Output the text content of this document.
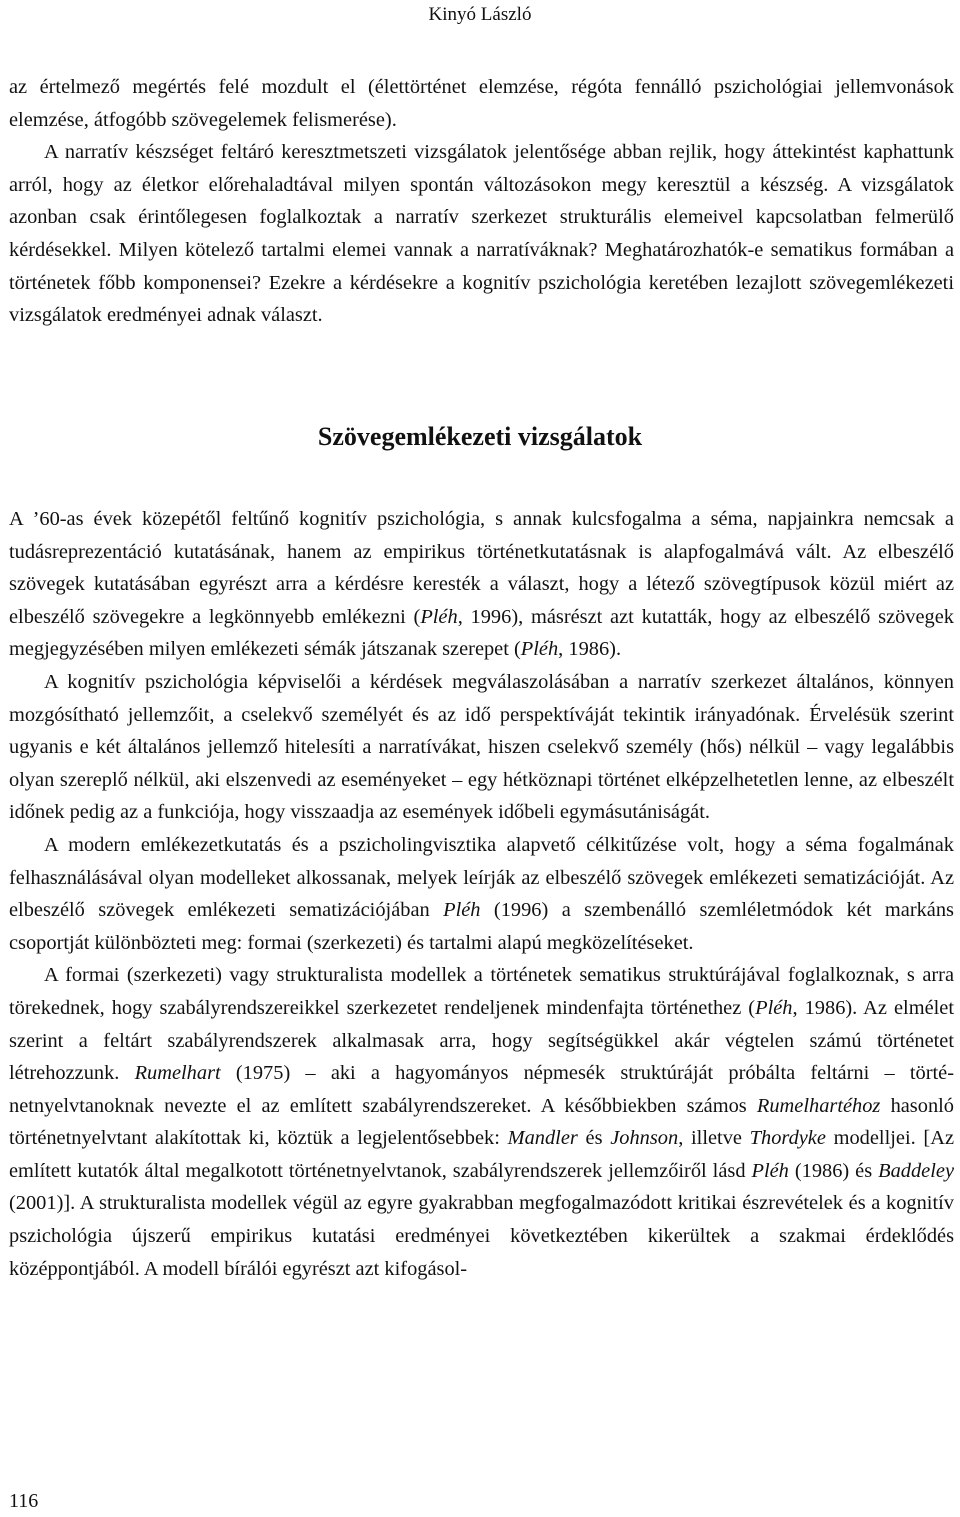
Kinyó László

az értelmező megértés felé mozdult el (élettörténet elemzése, régóta fennálló pszichológiai jellemvonások elemzése, átfogóbb szövegelemek felismerése).

A narratív készséget feltáró keresztmetszeti vizsgálatok jelentősége abban rejlik, hogy áttekintést kaphattunk arról, hogy az életkor előrehaladtával milyen spontán változásokon megy keresztül a készség. A vizsgálatok azonban csak érintőlegesen foglalkoztak a narratív szerkezet strukturális elemeivel kapcsolatban felmerülő kérdésekkel. Milyen kötelező tartalmi elemei vannak a narratíváknak? Meghatározhatók-e sematikus formában a történetek főbb komponensei? Ezekre a kérdésekre a kognitív pszichológia keretében lezajlott szövegemlékezeti vizsgálatok eredményei adnak választ.

Szövegemlékezeti vizsgálatok

A ’60-as évek közepétől feltűnő kognitív pszichológia, s annak kulcsfogalma a séma, napjainkra nemcsak a tudásreprezentáció kutatásának, hanem az empirikus történetkutatásnak is alapfogalmává vált. Az elbeszélő szövegek kutatásában egyrészt arra a kérdésre keresték a választ, hogy a létező szövegtípusok közül miért az elbeszélő szövegekre a legkönnyebb emlékezni (Pléh, 1996), másrészt azt kutatták, hogy az elbeszélő szövegek megjegyzésében milyen emlékezeti sémák játszanak szerepet (Pléh, 1986).

A kognitív pszichológia képviselői a kérdések megválaszolásában a narratív szerkezet általános, könnyen mozgósítható jellemzőit, a cselekvő személyét és az idő perspektíváját tekintik irányadónak. Érvelésük szerint ugyanis e két általános jellemző hitelesíti a narratívákat, hiszen cselekvő személy (hős) nélkül – vagy legalábbis olyan szereplő nélkül, aki elszenvedi az eseményeket – egy hétköznapi történet elképzelhetetlen lenne, az elbeszélt időnek pedig az a funkciója, hogy visszaadja az események időbeli egymásutániságát.

A modern emlékezetkutatás és a pszicholingvisztika alapvető célkitűzése volt, hogy a séma fogalmának felhasználásával olyan modelleket alkossanak, melyek leírják az elbeszélő szövegek emlékezeti sematizációját. Az elbeszélő szövegek emlékezeti sematizációjában Pléh (1996) a szembenálló szemléletmódok két markáns csoportját különbözteti meg: formai (szerkezeti) és tartalmi alapú megközelítéseket.

A formai (szerkezeti) vagy strukturalista modellek a történetek sematikus struktúrájával foglalkoznak, s arra törekednek, hogy szabályrendszereikkel szerkezetet rendeljenek mindenfajta történethez (Pléh, 1986). Az elmélet szerint a feltárt szabályrendszerek alkalmasak arra, hogy segítségükkel akár végtelen számú történetet létrehozzunk. Rumelhart (1975) – aki a hagyományos népmesék struktúráját próbálta feltárni – történetnyelvtanoknak nevezte el az említett szabályrendszereket. A későbbiekben számos Rumelhartéhoz hasonló történetnyelvtant alakítottak ki, köztük a legjelentősebbek: Mandler és Johnson, illetve Thordyke modelljei. [Az említett kutatók által megalkotott történetnyelvtanok, szabályrendszerek jellemzőiről lásd Pléh (1986) és Baddeley (2001)]. A strukturalista modellek végül az egyre gyakrabban megfogalmazódott kritikai észrevételek és a kognitív pszichológia újszerű empirikus kutatási eredményei következtében kikerültek a szakmai érdeklődés középpontjából. A modell bírálói egyrészt azt kifogásol-

116
